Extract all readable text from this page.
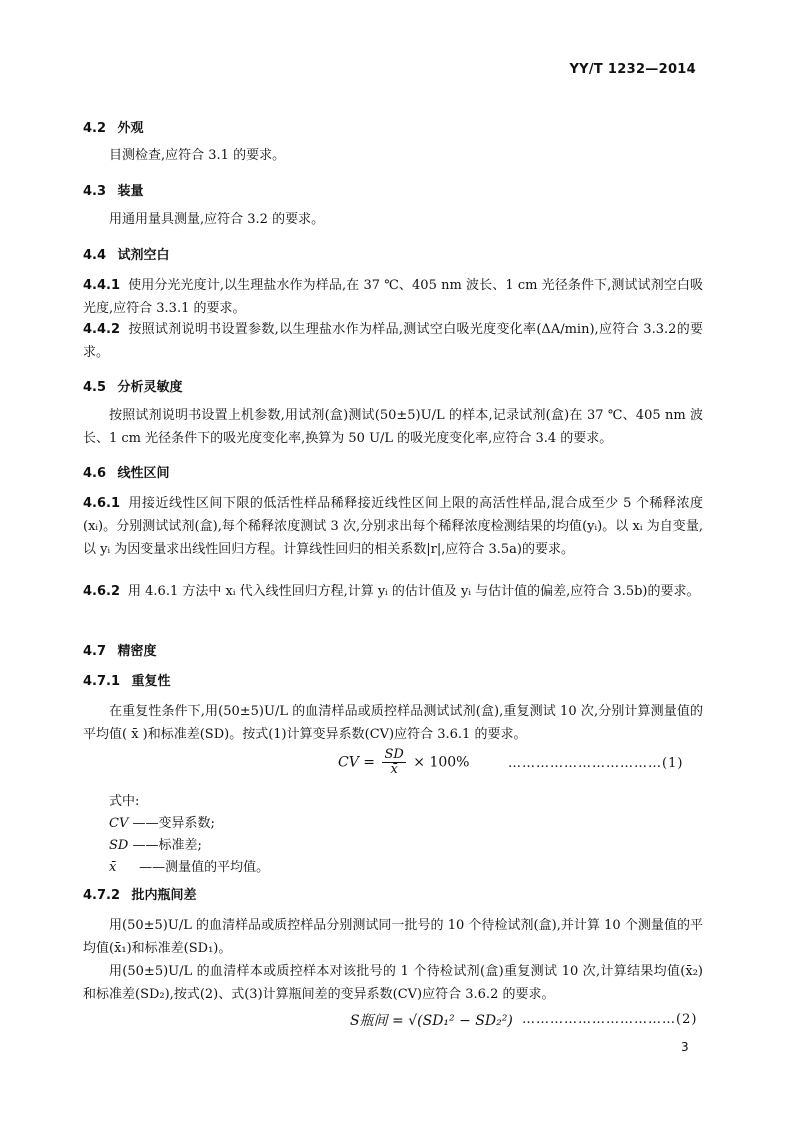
YY/T 1232—2014
4.2 外观
目测检查,应符合 3.1 的要求。
4.3 装量
用通用量具测量,应符合 3.2 的要求。
4.4 试剂空白
4.4.1 使用分光光度计,以生理盐水作为样品,在 37 ℃、405 nm 波长、1 cm 光径条件下,测试试剂空白吸光度,应符合 3.3.1 的要求。
4.4.2 按照试剂说明书设置参数,以生理盐水作为样品,测试空白吸光度变化率(ΔA/min),应符合 3.3.2的要求。
4.5 分析灵敏度
按照试剂说明书设置上机参数,用试剂(盒)测试(50±5)U/L 的样本,记录试剂(盒)在 37 ℃、405 nm 波长、1 cm 光径条件下的吸光度变化率,换算为 50 U/L 的吸光度变化率,应符合 3.4 的要求。
4.6 线性区间
4.6.1 用接近线性区间下限的低活性样品稀释接近线性区间上限的高活性样品,混合成至少 5 个稀释浓度(xᵢ)。分别测试试剂(盒),每个稀释浓度测试 3 次,分别求出每个稀释浓度检测结果的均值(yᵢ)。以 xᵢ 为自变量,以 yᵢ 为因变量求出线性回归方程。计算线性回归的相关系数|r|,应符合 3.5a)的要求。
4.6.2 用 4.6.1 方法中 xᵢ 代入线性回归方程,计算 yᵢ 的估计值及 yᵢ 与估计值的偏差,应符合 3.5b)的要求。
4.7 精密度
4.7.1 重复性
在重复性条件下,用(50±5)U/L 的血清样品或质控样品测试试剂(盒),重复测试 10 次,分别计算测量值的平均值( x̄ )和标准差(SD)。按式(1)计算变异系数(CV)应符合 3.6.1 的要求。
CV = $\frac{SD}{x̄} \times 100\%$	……………………………(1)
式中:
CV ——变异系数;
SD ——标准差;
x̄ ——测量值的平均值。
4.7.2 批内瓶间差
用(50±5)U/L 的血清样品或质控样品分别测试同一批号的 10 个待检试剂(盒),并计算 10 个测量值的平均值(x̄₁)和标准差(SD₁)。
用(50±5)U/L 的血清样本或质控样本对该批号的 1 个待检试剂(盒)重复测试 10 次,计算结果均值(x̄₂)和标准差(SD₂),按式(2)、式(3)计算瓶间差的变异系数(CV)应符合 3.6.2 的要求。
S瓶间 = √(SD₁² − SD₂²) ……………………………(2)
3
